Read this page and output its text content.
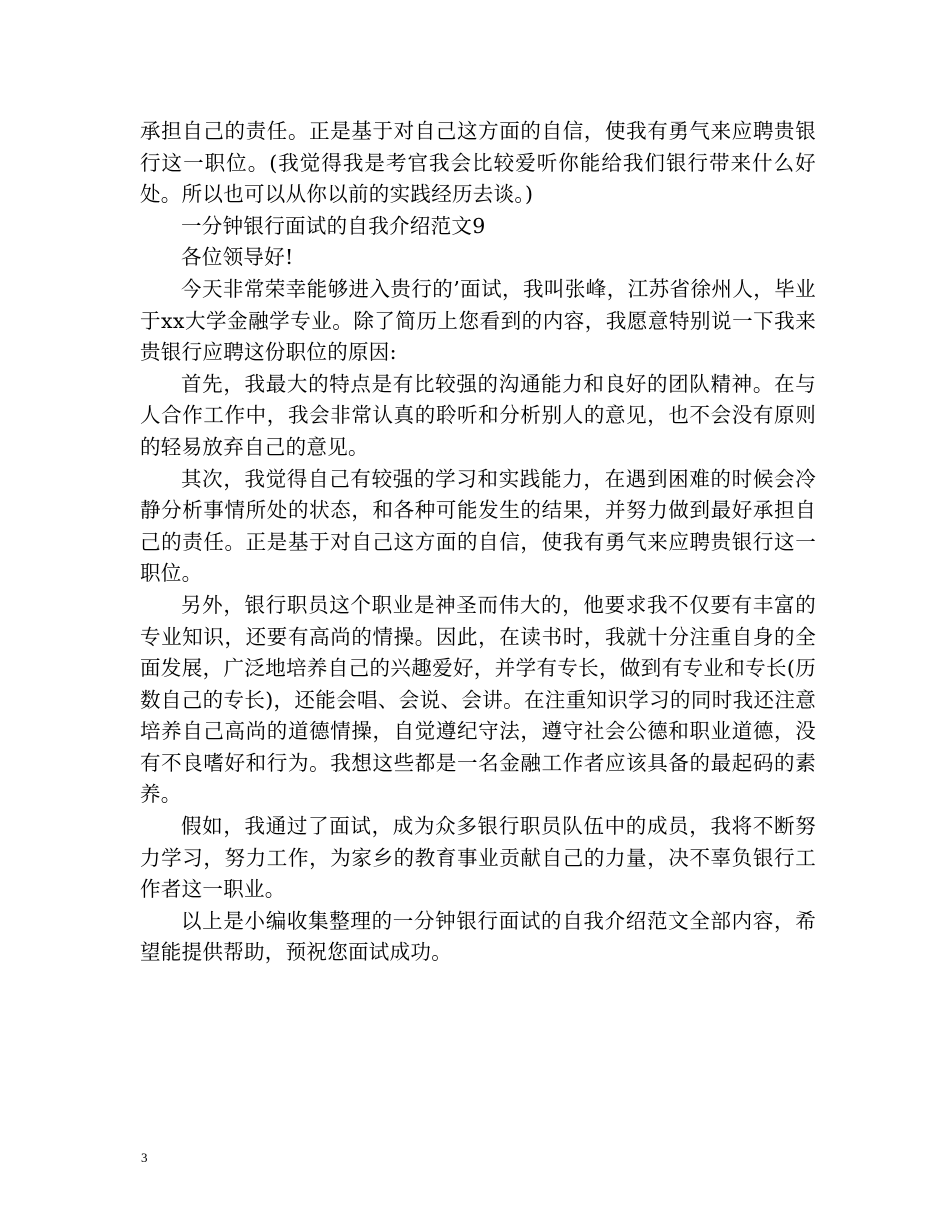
承担自己的责任。正是基于对自己这方面的自信，使我有勇气来应聘贵银行这一职位。(我觉得我是考官我会比较爱听你能给我们银行带来什么好处。所以也可以从你以前的实践经历去谈。)

一分钟银行面试的自我介绍范文9

各位领导好!

今天非常荣幸能够进入贵行的’面试，我叫张峰，江苏省徐州人，毕业于xx大学金融学专业。除了简历上您看到的内容，我愿意特别说一下我来贵银行应聘这份职位的原因:

首先，我最大的特点是有比较强的沟通能力和良好的团队精神。在与人合作工作中，我会非常认真的聆听和分析别人的意见，也不会没有原则的轻易放弃自己的意见。

其次，我觉得自己有较强的学习和实践能力，在遇到困难的时候会冷静分析事情所处的状态，和各种可能发生的结果，并努力做到最好承担自己的责任。正是基于对自己这方面的自信，使我有勇气来应聘贵银行这一职位。

另外，银行职员这个职业是神圣而伟大的，他要求我不仅要有丰富的专业知识，还要有高尚的情操。因此，在读书时，我就十分注重自身的全面发展，广泛地培养自己的兴趣爱好，并学有专长，做到有专业和专长(历数自己的专长)，还能会唱、会说、会讲。在注重知识学习的同时我还注意培养自己高尚的道德情操，自觉遵纪守法，遵守社会公德和职业道德，没有不良嗜好和行为。我想这些都是一名金融工作者应该具备的最起码的素养。

假如，我通过了面试，成为众多银行职员队伍中的成员，我将不断努力学习，努力工作，为家乡的教育事业贡献自己的力量，决不辜负银行工作者这一职业。

以上是小编收集整理的一分钟银行面试的自我介绍范文全部内容，希望能提供帮助，预祝您面试成功。

3
